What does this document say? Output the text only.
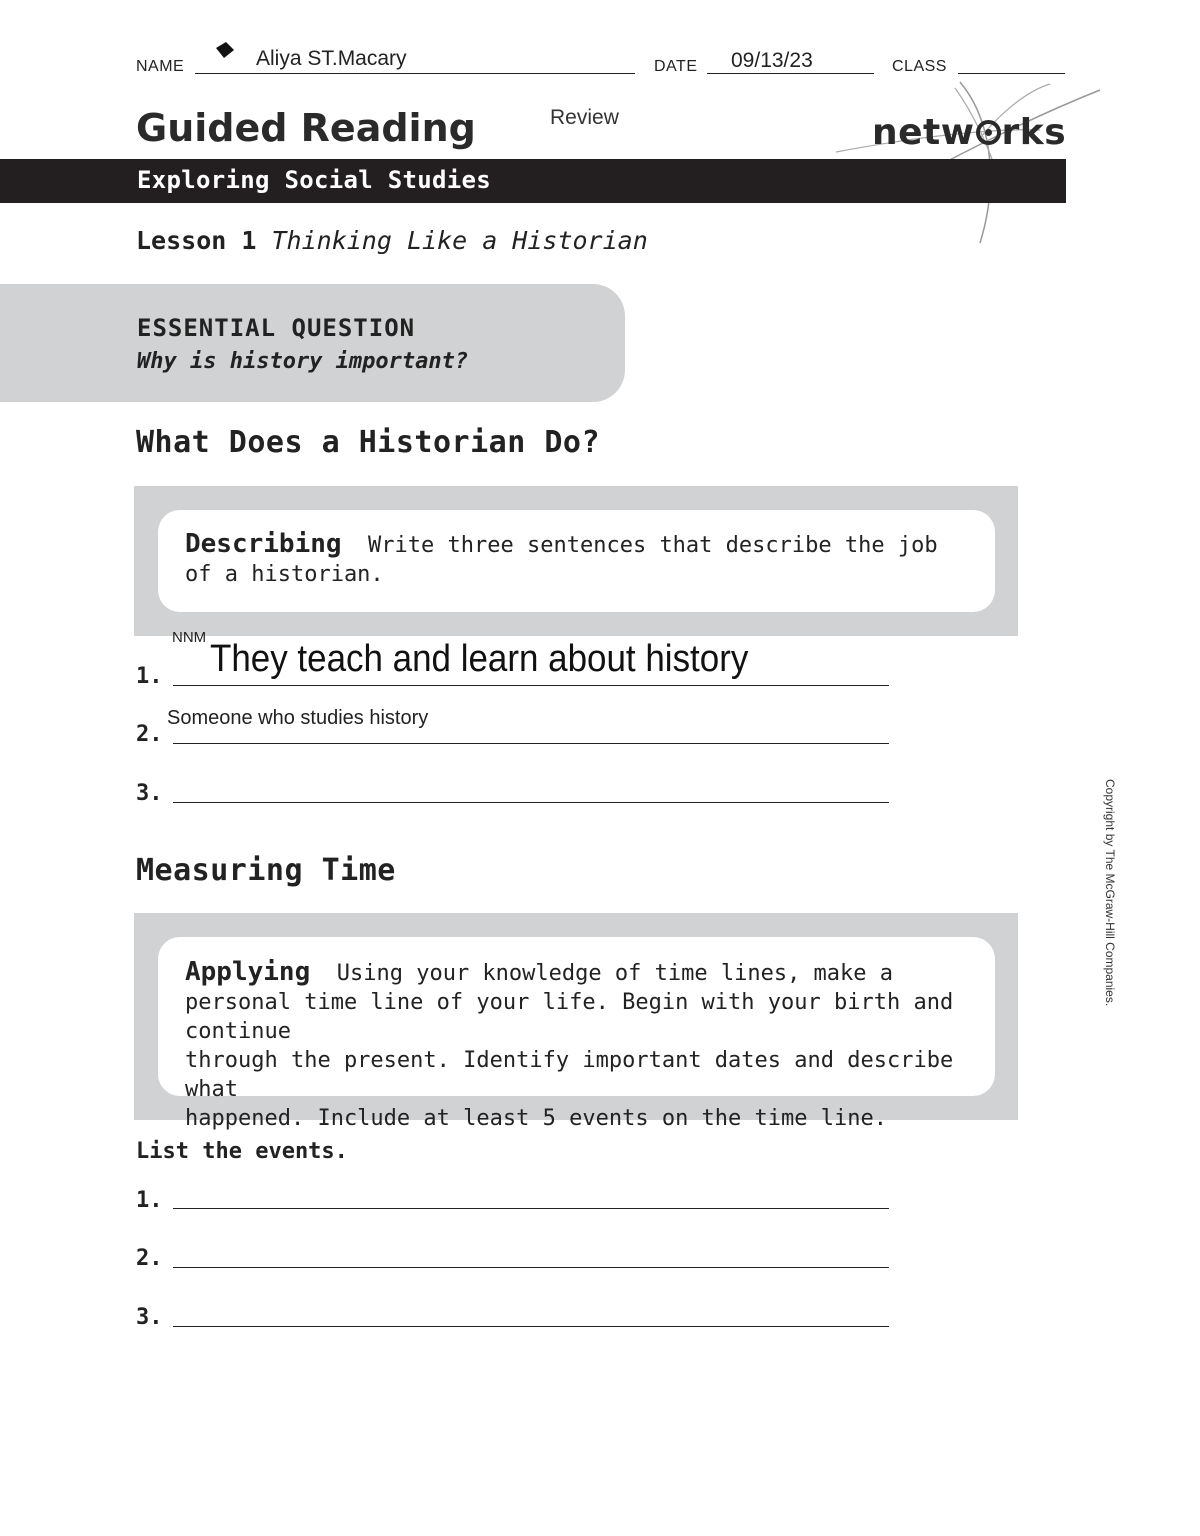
NAME	Aliya ST.Macary	DATE 09/13/23	CLASS
Guided Reading	Review	netw rks
Exploring Social Studies
Lesson 1 Thinking Like a Historian
ESSENTIAL QUESTION
Why is history important?
What Does a Historian Do?
Describing Write three sentences that describe the job of a historian.
NNM
1. They teach and learn about history
2.
Someone who studies history
3.
Measuring Time
Applying Using your knowledge of time lines, make a
personal time line of your life. Begin with your birth and continue
through the present. Identify important dates and describe what
happened. Include at least 5 events on the time line.
List the events.
1.
2.
3.
Copyright by The McGraw-Hill Companies.
